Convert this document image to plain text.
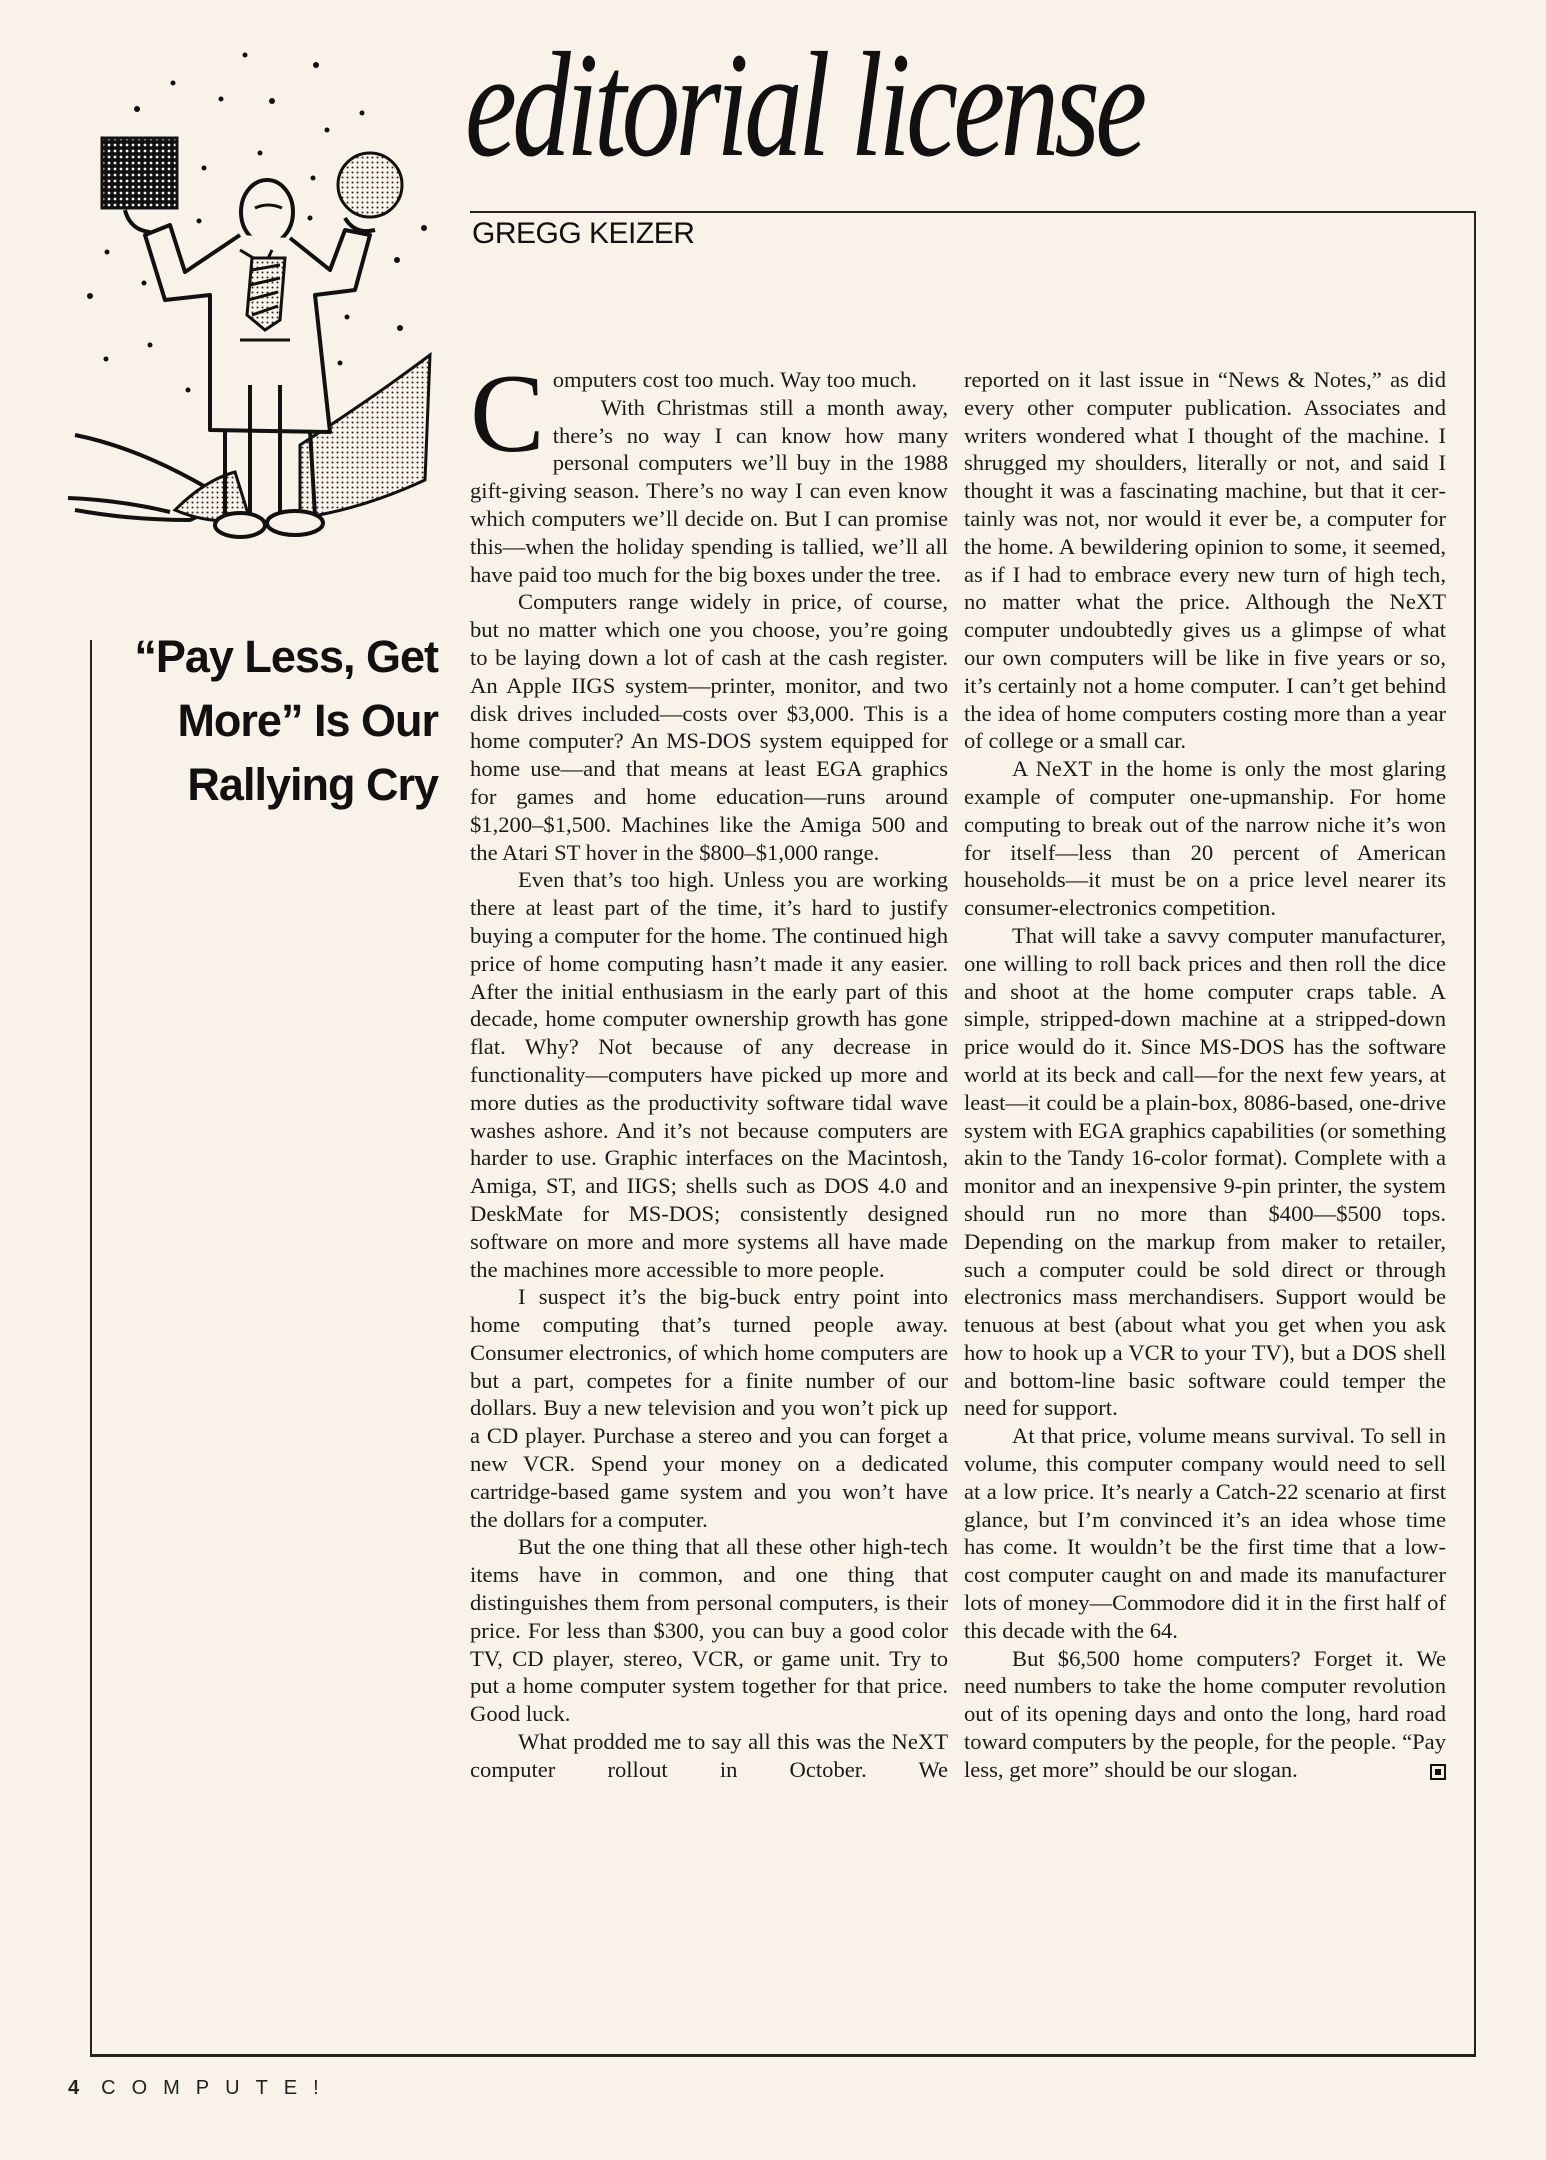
editorial license
GREGG KEIZER
“Pay Less, Get
More” Is Our
Rallying Cry

Computers cost too much. Way too much.

With Christmas still a month away, there’s no way I can know how many personal computers we’ll buy in the 1988 gift-giving season. There’s no way I can even know which computers we’ll decide on. But I can promise this—when the holiday spending is tallied, we’ll all have paid too much for the big boxes under the tree.

Computers range widely in price, of course, but no matter which one you choose, you’re going to be laying down a lot of cash at the cash register. An Apple IIGS system—printer, monitor, and two disk drives included—costs over $3,000. This is a home computer? An MS-DOS system equipped for home use—and that means at least EGA graphics for games and home education—runs around $1,200–$1,500. Machines like the Amiga 500 and the Atari ST hover in the $800–$1,000 range.

Even that’s too high. Unless you are working there at least part of the time, it’s hard to justify buying a computer for the home. The continued high price of home computing hasn’t made it any easier. After the initial enthusiasm in the early part of this decade, home computer ownership growth has gone flat. Why? Not because of any decrease in functionality—computers have picked up more and more duties as the productivity software tidal wave washes ashore. And it’s not because computers are harder to use. Graphic interfaces on the Macintosh, Amiga, ST, and IIGS; shells such as DOS 4.0 and DeskMate for MS-DOS; consistently designed software on more and more systems all have made the machines more accessible to more people.

I suspect it’s the big-buck entry point into home computing that’s turned people away. Consumer electronics, of which home computers are but a part, competes for a finite number of our dollars. Buy a new television and you won’t pick up a CD player. Purchase a stereo and you can forget a new VCR. Spend your money on a dedicated cartridge-based game system and you won’t have the dollars for a computer.

But the one thing that all these other high-tech items have in common, and one thing that distinguishes them from personal computers, is their price. For less than $300, you can buy a good color TV, CD player, stereo, VCR, or game unit. Try to put a home computer system together for that price. Good luck.

What prodded me to say all this was the NeXT computer rollout in October. We

reported on it last issue in “News & Notes,” as did every other computer publication. Associates and writers wondered what I thought of the machine. I shrugged my shoulders, literally or not, and said I thought it was a fascinating machine, but that it certainly was not, nor would it ever be, a computer for the home. A bewildering opinion to some, it seemed, as if I had to embrace every new turn of high tech, no matter what the price. Although the NeXT computer undoubtedly gives us a glimpse of what our own computers will be like in five years or so, it’s certainly not a home computer. I can’t get behind the idea of home computers costing more than a year of college or a small car.

A NeXT in the home is only the most glaring example of computer one-upmanship. For home computing to break out of the narrow niche it’s won for itself—less than 20 percent of American households—it must be on a price level nearer its consumer-electronics competition.

That will take a savvy computer manufacturer, one willing to roll back prices and then roll the dice and shoot at the home computer craps table. A simple, stripped-down machine at a stripped-down price would do it. Since MS-DOS has the software world at its beck and call—for the next few years, at least—it could be a plain-box, 8086-based, one-drive system with EGA graphics capabilities (or something akin to the Tandy 16-color format). Complete with a monitor and an inexpensive 9-pin printer, the system should run no more than $400—$500 tops. Depending on the markup from maker to retailer, such a computer could be sold direct or through electronics mass merchandisers. Support would be tenuous at best (about what you get when you ask how to hook up a VCR to your TV), but a DOS shell and bottom-line basic software could temper the need for support.

At that price, volume means survival. To sell in volume, this computer company would need to sell at a low price. It’s nearly a Catch-22 scenario at first glance, but I’m convinced it’s an idea whose time has come. It wouldn’t be the first time that a low-cost computer caught on and made its manufacturer lots of money—Commodore did it in the first half of this decade with the 64.

But $6,500 home computers? Forget it. We need numbers to take the home computer revolution out of its opening days and onto the long, hard road toward computers by the people, for the people. “Pay less, get more” should be our slogan.

4 COMPUTE!
